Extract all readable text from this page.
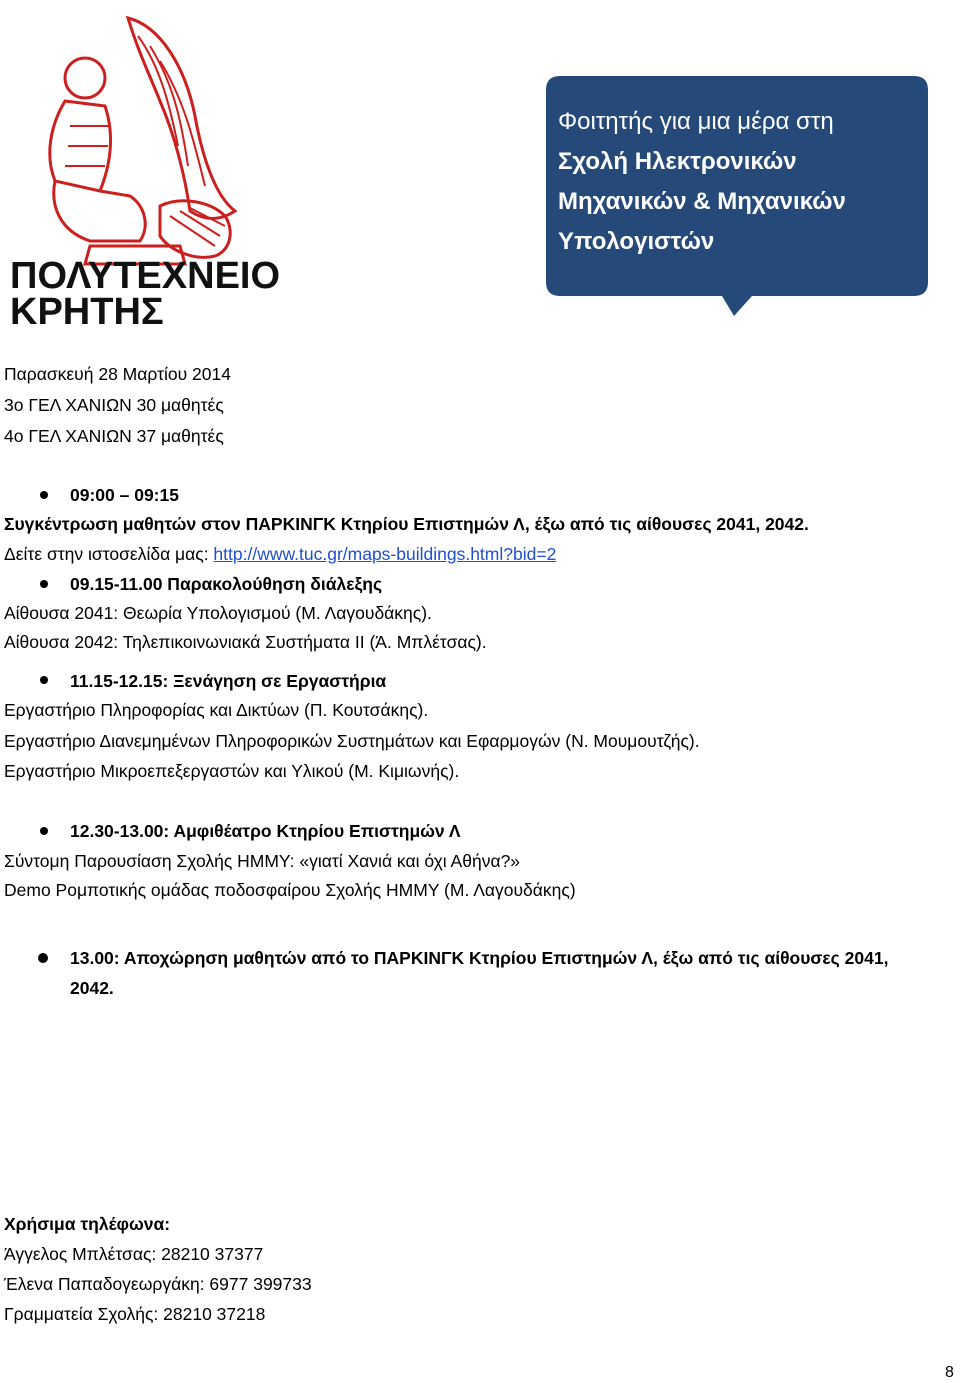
ΠΟΛΥΤΕΧΝΕΙΟ
ΚΡΗΤΗΣ
Φοιτητής για μια μέρα στη
Σχολή Ηλεκτρονικών
Μηχανικών & Μηχανικών
Υπολογιστών
Παρασκευή 28 Μαρτίου 2014
3ο ΓΕΛ ΧΑΝΙΩΝ 30 μαθητές
4ο ΓΕΛ ΧΑΝΙΩΝ 37 μαθητές
09:00 – 09:15
Συγκέντρωση μαθητών στον ΠΑΡΚΙΝΓΚ Κτηρίου Επιστημών Λ, έξω από τις αίθουσες 2041, 2042.
Δείτε στην ιστοσελίδα μας: http://www.tuc.gr/maps-buildings.html?bid=2
09.15-11.00 Παρακολούθηση διάλεξης
Αίθουσα 2041: Θεωρία Υπολογισμού (Μ. Λαγουδάκης).
Αίθουσα 2042: Τηλεπικοινωνιακά Συστήματα ΙΙ (Ά. Μπλέτσας).
11.15-12.15: Ξενάγηση σε Εργαστήρια
Εργαστήριο Πληροφορίας και Δικτύων (Π. Κουτσάκης).
Εργαστήριο Διανεμημένων Πληροφορικών Συστημάτων και Εφαρμογών (Ν. Μουμουτζής).
Εργαστήριο Μικροεπεξεργαστών και Υλικού (Μ. Κιμιωνής).
12.30-13.00: Αμφιθέατρο Κτηρίου Επιστημών Λ
Σύντομη Παρουσίαση Σχολής ΗΜΜΥ: «γιατί Χανιά και όχι Αθήνα?»
Demo Ρομποτικής ομάδας ποδοσφαίρου Σχολής ΗΜΜΥ (Μ. Λαγουδάκης)
13.00: Αποχώρηση μαθητών από το ΠΑΡΚΙΝΓΚ Κτηρίου Επιστημών Λ, έξω από τις αίθουσες 2041,
2042.
Χρήσιμα τηλέφωνα:
Άγγελος Μπλέτσας: 28210 37377
Έλενα Παπαδογεωργάκη: 6977 399733
Γραμματεία Σχολής: 28210 37218
8
